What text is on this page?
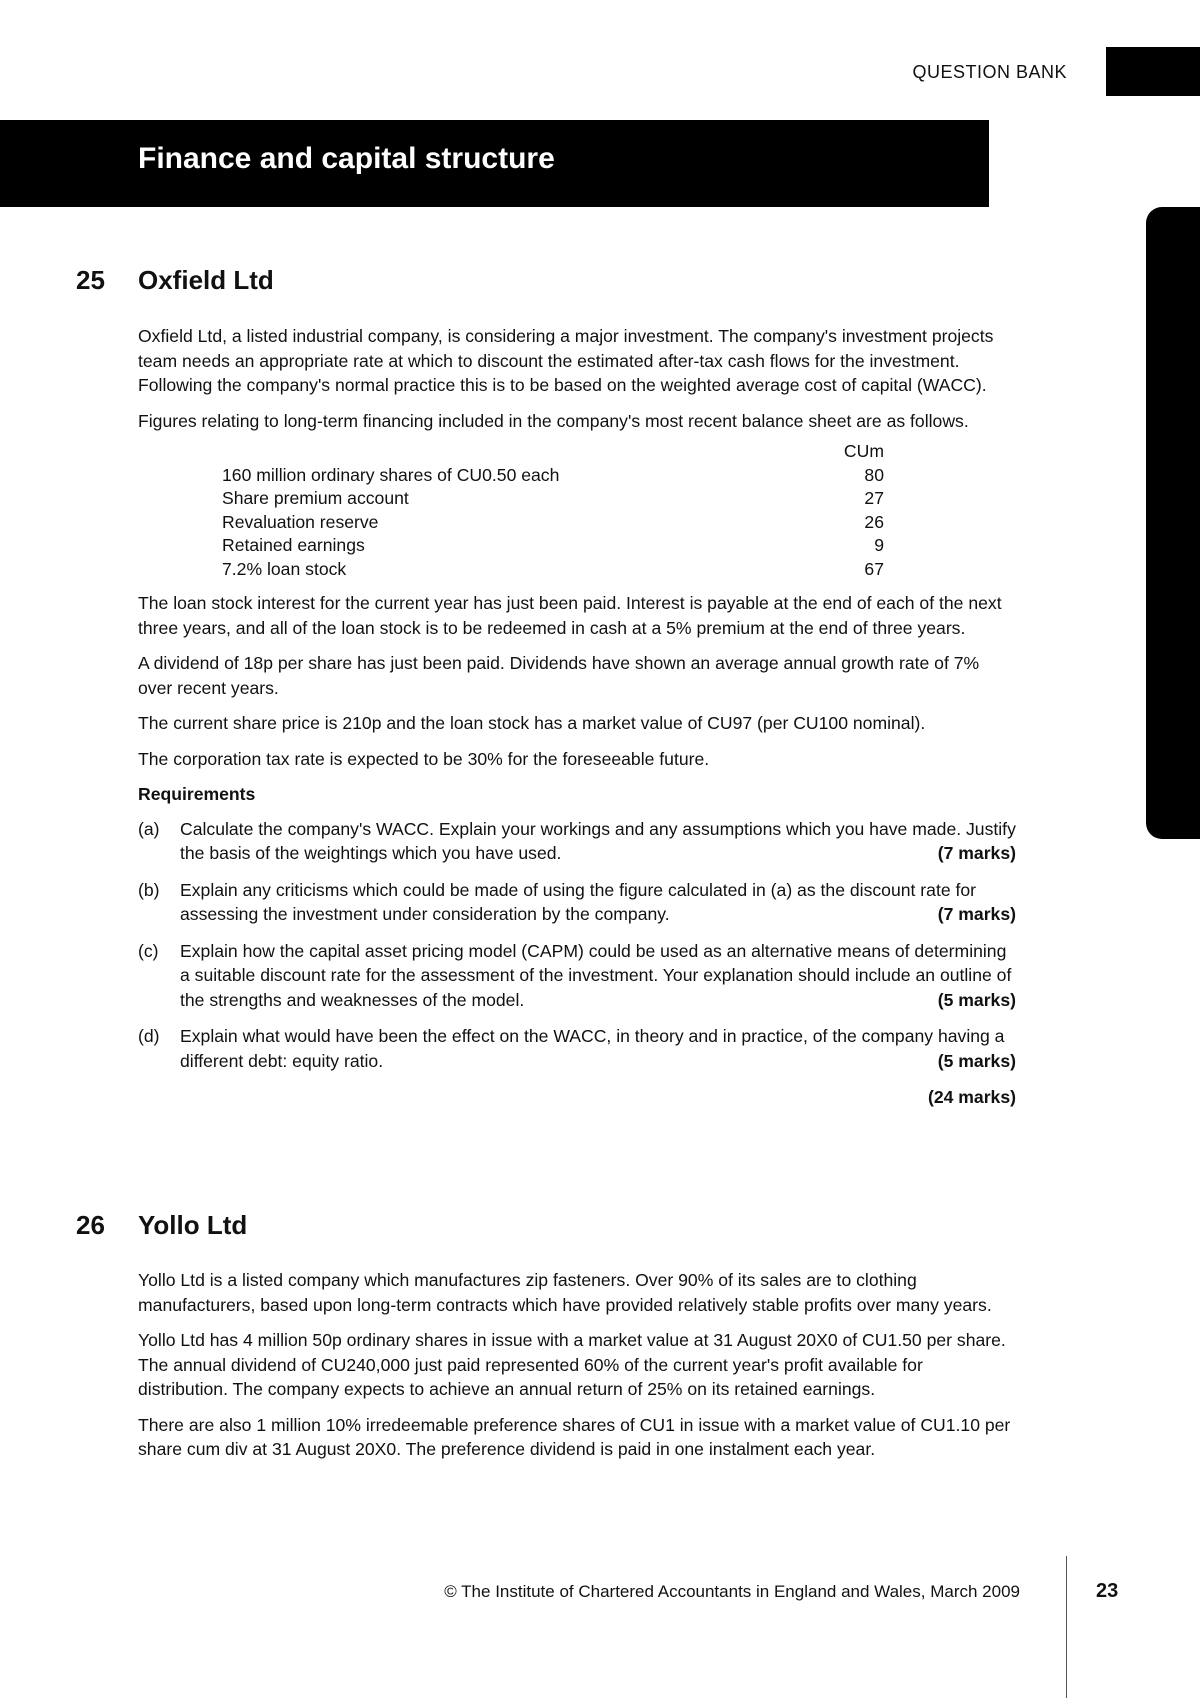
QUESTION BANK
Finance and capital structure
25 Oxfield Ltd

Oxfield Ltd, a listed industrial company, is considering a major investment. The company's investment projects team needs an appropriate rate at which to discount the estimated after-tax cash flows for the investment. Following the company's normal practice this is to be based on the weighted average cost of capital (WACC).

Figures relating to long-term financing included in the company's most recent balance sheet are as follows.

	CUm
160 million ordinary shares of CU0.50 each	80
Share premium account	27
Revaluation reserve	26
Retained earnings	9
7.2% loan stock	67

The loan stock interest for the current year has just been paid. Interest is payable at the end of each of the next three years, and all of the loan stock is to be redeemed in cash at a 5% premium at the end of three years.

A dividend of 18p per share has just been paid. Dividends have shown an average annual growth rate of 7% over recent years.

The current share price is 210p and the loan stock has a market value of CU97 (per CU100 nominal).

The corporation tax rate is expected to be 30% for the foreseeable future.

Requirements
(a) Calculate the company's WACC. Explain your workings and any assumptions which you have made. Justify the basis of the weightings which you have used.	(7 marks)
(b) Explain any criticisms which could be made of using the figure calculated in (a) as the discount rate for assessing the investment under consideration by the company.	(7 marks)
(c) Explain how the capital asset pricing model (CAPM) could be used as an alternative means of determining a suitable discount rate for the assessment of the investment. Your explanation should include an outline of the strengths and weaknesses of the model.	(5 marks)
(d) Explain what would have been the effect on the WACC, in theory and in practice, of the company having a different debt: equity ratio.	(5 marks)
(24 marks)
26 Yollo Ltd

Yollo Ltd is a listed company which manufactures zip fasteners. Over 90% of its sales are to clothing manufacturers, based upon long-term contracts which have provided relatively stable profits over many years.

Yollo Ltd has 4 million 50p ordinary shares in issue with a market value at 31 August 20X0 of CU1.50 per share. The annual dividend of CU240,000 just paid represented 60% of the current year's profit available for distribution. The company expects to achieve an annual return of 25% on its retained earnings.

There are also 1 million 10% irredeemable preference shares of CU1 in issue with a market value of CU1.10 per share cum div at 31 August 20X0. The preference dividend is paid in one instalment each year.

© The Institute of Chartered Accountants in England and Wales, March 2009	23
